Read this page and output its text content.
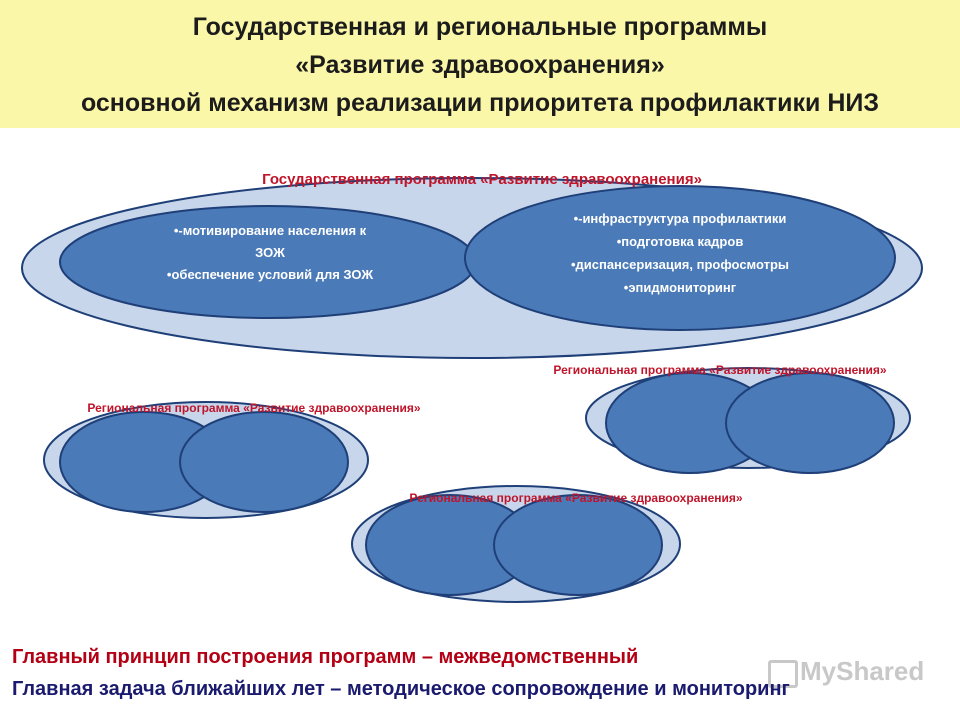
Государственная и региональные программы
«Развитие здравоохранения»
основной механизм реализации приоритета профилактики НИЗ
Государственная программа «Развитие здравоохранения»
•-мотивирование населения к
ЗОЖ
•обеспечение условий для ЗОЖ
•-инфраструктура профилактики
•подготовка кадров
•диспансеризация, профосмотры
•эпидмониторинг
Региональная программа «Развитие здравоохранения»
Региональная программа «Развитие здравоохранения»
Региональная программа «Развитие здравоохранения»
MyShared
Главный принцип построения программ – межведомственный
Главная задача ближайших лет – методическое сопровождение и мониторинг
